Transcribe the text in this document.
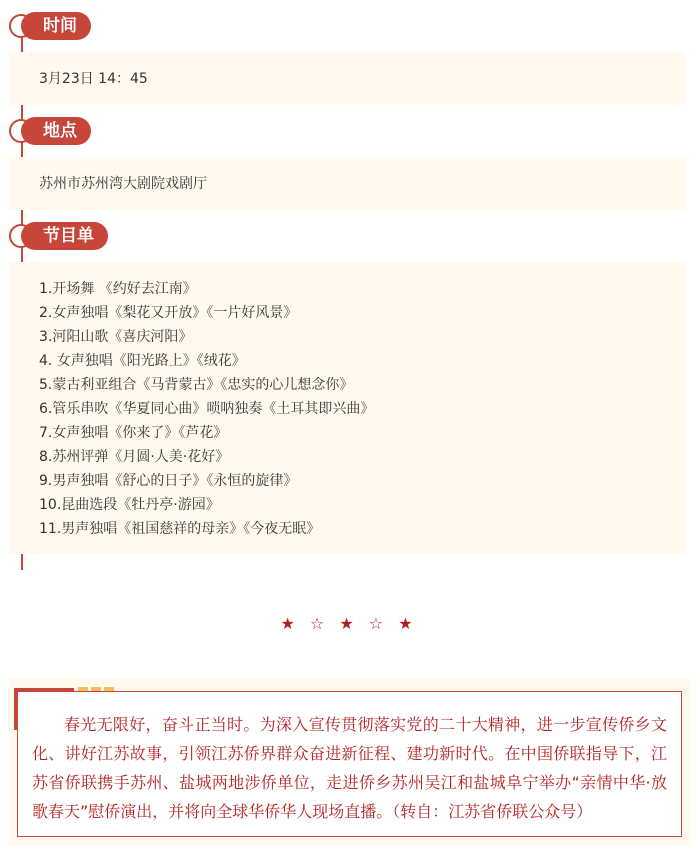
时间
3月23日 14：45
地点
苏州市苏州湾大剧院戏剧厅
节目单
1.开场舞 《约好去江南》
2.女声独唱《梨花又开放》《一片好风景》
3.河阳山歌《喜庆河阳》
4. 女声独唱《阳光路上》《绒花》
5.蒙古利亚组合《马背蒙古》《忠实的心儿想念你》
6.管乐串吹《华夏同心曲》唢呐独奏《土耳其即兴曲》
7.女声独唱《你来了》《芦花》
8.苏州评弹《月圆·人美·花好》
9.男声独唱《舒心的日子》《永恒的旋律》
10.昆曲选段《牡丹亭·游园》
11.男声独唱《祖国慈祥的母亲》《今夜无眠》
★ ☆ ★ ☆ ★

春光无限好，奋斗正当时。为深入宣传贯彻落实党的二十大精神，进一步宣传侨乡文化、讲好江苏故事，引领江苏侨界群众奋进新征程、建功新时代。在中国侨联指导下，江苏省侨联携手苏州、盐城两地涉侨单位，走进侨乡苏州吴江和盐城阜宁举办“亲情中华·放歌春天”慰侨演出，并将向全球华侨华人现场直播。（转自：江苏省侨联公众号）
